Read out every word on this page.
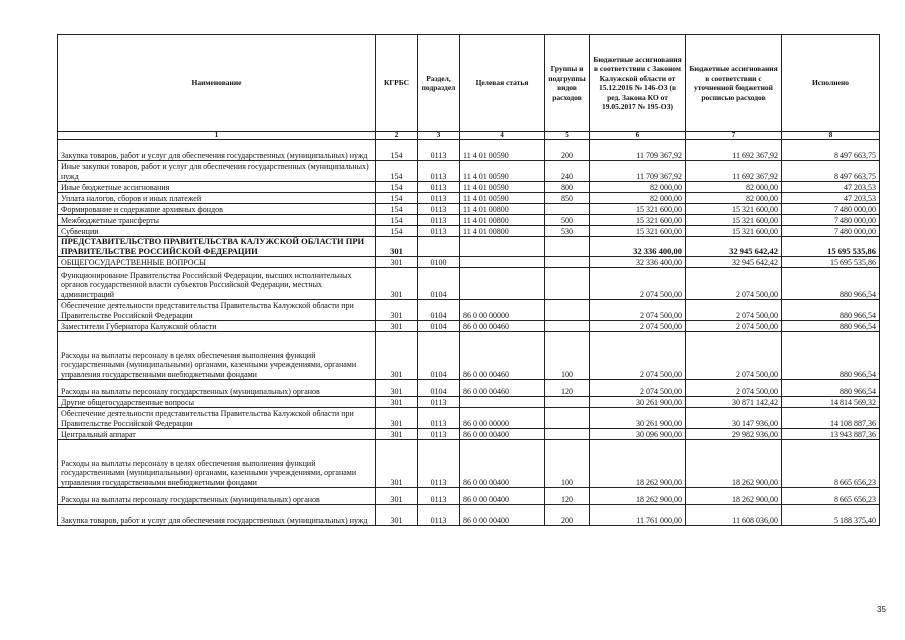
Наименование	КГРБС	Раздел, подраздел	Целевая статья	Группы и подгруппы видов расходов	Бюджетные ассигнования в соответствии с Законом Калужской области от 15.12.2016 № 146-ОЗ (в ред. Закона КО от 19.05.2017 № 195-ОЗ)	Бюджетные ассигнования в соответствии с уточненной бюджетной росписью расходов	Исполнено
1	2	3	4	5	6	7	8
Закупка товаров, работ и услуг для обеспечения государственных (муниципальных) нужд	154	0113	11 4 01 00590	200	11 709 367,92	11 692 367,92	8 497 663,75
Иные закупки товаров, работ и услуг для обеспечения государственных (муниципальных) нужд	154	0113	11 4 01 00590	240	11 709 367,92	11 692 367,92	8 497 663,75
Иные бюджетные ассигнования	154	0113	11 4 01 00590	800	82 000,00	82 000,00	47 203,53
Уплата налогов, сборов и иных платежей	154	0113	11 4 01 00590	850	82 000,00	82 000,00	47 203,53
Формирование и содержание архивных фондов	154	0113	11 4 01 00800		15 321 600,00	15 321 600,00	7 480 000,00
Межбюджетные трансферты	154	0113	11 4 01 00800	500	15 321 600,00	15 321 600,00	7 480 000,00
Субвенции	154	0113	11 4 01 00800	530	15 321 600,00	15 321 600,00	7 480 000,00
ПРЕДСТАВИТЕЛЬСТВО ПРАВИТЕЛЬСТВА КАЛУЖСКОЙ ОБЛАСТИ ПРИ ПРАВИТЕЛЬСТВЕ РОССИЙСКОЙ ФЕДЕРАЦИИ	301				32 336 400,00	32 945 642,42	15 695 535,86
ОБЩЕГОСУДАРСТВЕННЫЕ ВОПРОСЫ	301	0100			32 336 400,00	32 945 642,42	15 695 535,86
Функционирование Правительства Российской Федерации, высших исполнительных органов государственной власти субъектов Российской Федерации, местных администраций	301	0104			2 074 500,00	2 074 500,00	880 966,54
Обеспечение деятельности представительства Правительства Калужской области при Правительстве Российской Федерации	301	0104	86 0 00 00000		2 074 500,00	2 074 500,00	880 966,54
Заместители Губернатора Калужской области	301	0104	86 0 00 00460		2 074 500,00	2 074 500,00	880 966,54
Расходы на выплаты персоналу в целях обеспечения выполнения функций государственными (муниципальными) органами, казенными учреждениями, органами управления государственными внебюджетными фондами	301	0104	86 0 00 00460	100	2 074 500,00	2 074 500,00	880 966,54
Расходы на выплаты персоналу государственных (муниципальных) органов	301	0104	86 0 00 00460	120	2 074 500,00	2 074 500,00	880 966,54
Другие общегосударственные вопросы	301	0113			30 261 900,00	30 871 142,42	14 814 569,32
Обеспечение деятельности представительства Правительства Калужской области при Правительстве Российской Федерации	301	0113	86 0 00 00000		30 261 900,00	30 147 936,00	14 108 887,36
Центральный аппарат	301	0113	86 0 00 00400		30 096 900,00	29 982 936,00	13 943 887,36
Расходы на выплаты персоналу в целях обеспечения выполнения функций государственными (муниципальными) органами, казенными учреждениями, органами управления государственными внебюджетными фондами	301	0113	86 0 00 00400	100	18 262 900,00	18 262 900,00	8 665 656,23
Расходы на выплаты персоналу государственных (муниципальных) органов	301	0113	86 0 00 00400	120	18 262 900,00	18 262 900,00	8 665 656,23
Закупка товаров, работ и услуг для обеспечения государственных (муниципальных) нужд	301	0113	86 0 00 00400	200	11 761 000,00	11 608 036,00	5 188 375,40
35
